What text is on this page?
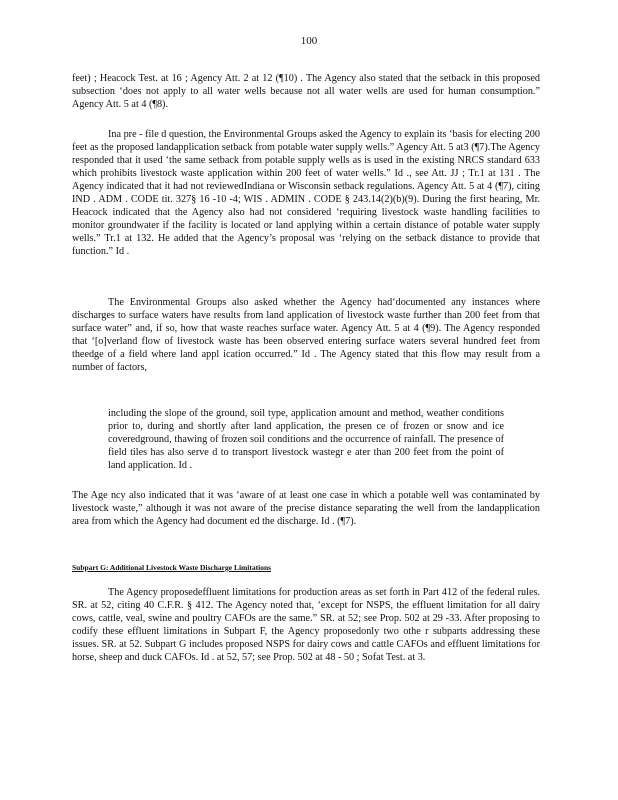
100

feet) ; Heacock Test. at 16 ; Agency Att. 2 at 12 (¶10) . The Agency also stated that the setback in this proposed subsection ‘does not apply to all water wells because not all water wells are used for human consumption.” Agency Att. 5 at 4 (¶8).

Ina pre - file d question, the Environmental Groups asked the Agency to explain its ‘basis for electing 200 feet as the proposed landapplication setback from potable water supply wells.” Agency Att. 5 at3 (¶7).The Agency responded that it used ‘the same setback from potable supply wells as is used in the existing NRCS standard 633 which prohibits livestock waste application within 200 feet of water wells.” Id ., see Att. JJ ; Tr.1 at 131 . The Agency indicated that it had not reviewedIndiana or Wisconsin setback regulations. Agency Att. 5 at 4 (¶7), citing IND . ADM . CODE tit. 327§ 16 -10 -4; WIS . ADMIN . CODE § 243.14(2)(b)(9). During the first hearing, Mr. Heacock indicated that the Agency also had not considered ‘requiring livestock waste handling facilities to monitor groundwater if the facility is located or land applying within a certain distance of potable water supply wells.” Tr.1 at 132. He added that the Agency’s proposal was ‘relying on the setback distance to provide that function.” Id .

The Environmental Groups also asked whether the Agency had‘documented any instances where discharges to surface waters have results from land application of livestock waste further than 200 feet from that surface water” and, if so, how that waste reaches surface water. Agency Att. 5 at 4 (¶9). The Agency responded that ‘[o]verland flow of livestock waste has been observed entering surface waters several hundred feet from theedge of a field where land appl ication occurred.” Id . The Agency stated that this flow may result from a number of factors,

including the slope of the ground, soil type, application amount and method, weather conditions prior to, during and shortly after land application, the presen ce of frozen or snow and ice coveredground, thawing of frozen soil conditions and the occurrence of rainfall. The presence of field tiles has also serve d to transport livestock wastegr e ater than 200 feet from the point of land application. Id .

The Age ncy also indicated that it was ‘aware of at least one case in which a potable well was contaminated by livestock waste,” although it was not aware of the precise distance separating the well from the landapplication area from which the Agency had document ed the discharge. Id . (¶7).

Subpart G: Additional Livestock Waste Discharge Limitations

The Agency proposedeffluent limitations for production areas as set forth in Part 412 of the federal rules. SR. at 52, citing 40 C.F.R. § 412. The Agency noted that, ‘except for NSPS, the effluent limitation for all dairy cows, cattle, veal, swine and poultry CAFOs are the same.” SR. at 52; see Prop. 502 at 29 -33. After proposing to codify these effluent limitations in Subpart F, the Agency proposedonly two othe r subparts addressing these issues. SR. at 52. Subpart G includes proposed NSPS for dairy cows and cattle CAFOs and effluent limitations for horse, sheep and duck CAFOs. Id . at 52, 57; see Prop. 502 at 48 - 50 ; Sofat Test. at 3.
